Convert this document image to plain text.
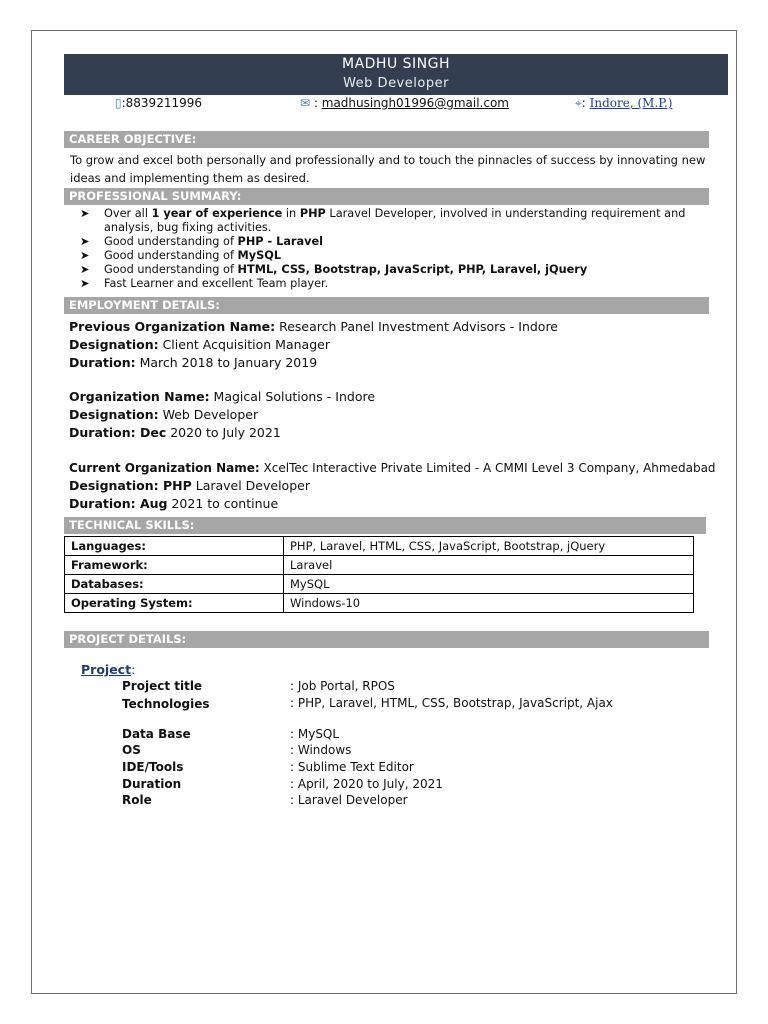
MADHU SINGH
Web Developer
▯:8839211996	✉ : madhusingh01996@gmail.com	⌖: Indore, (M.P.)
CAREER OBJECTIVE:
To grow and excel both personally and professionally and to touch the pinnacles of success by innovating new ideas and implementing them as desired.
PROFESSIONAL SUMMARY:
➤ Over all 1 year of experience in PHP Laravel Developer, involved in understanding requirement and analysis, bug fixing activities.
➤ Good understanding of PHP - Laravel
➤ Good understanding of MySQL
➤ Good understanding of HTML, CSS, Bootstrap, JavaScript, PHP, Laravel, jQuery
➤ Fast Learner and excellent Team player.
EMPLOYMENT DETAILS:
Previous Organization Name: Research Panel Investment Advisors - Indore
Designation: Client Acquisition Manager
Duration: March 2018 to January 2019
Organization Name: Magical Solutions - Indore
Designation: Web Developer
Duration: Dec 2020 to July 2021
Current Organization Name: XcelTec Interactive Private Limited - A CMMI Level 3 Company, Ahmedabad
Designation: PHP Laravel Developer
Duration: Aug 2021 to continue
TECHNICAL SKILLS:
Languages:	PHP, Laravel, HTML, CSS, JavaScript, Bootstrap, jQuery
Framework:	Laravel
Databases:	MySQL
Operating System:	Windows-10
PROJECT DETAILS:
Project:
Project title	: Job Portal, RPOS
Technologies	: PHP, Laravel, HTML, CSS, Bootstrap, JavaScript, Ajax
Data Base	: MySQL
OS	: Windows
IDE/Tools	: Sublime Text Editor
Duration	: April, 2020 to July, 2021
Role	: Laravel Developer
